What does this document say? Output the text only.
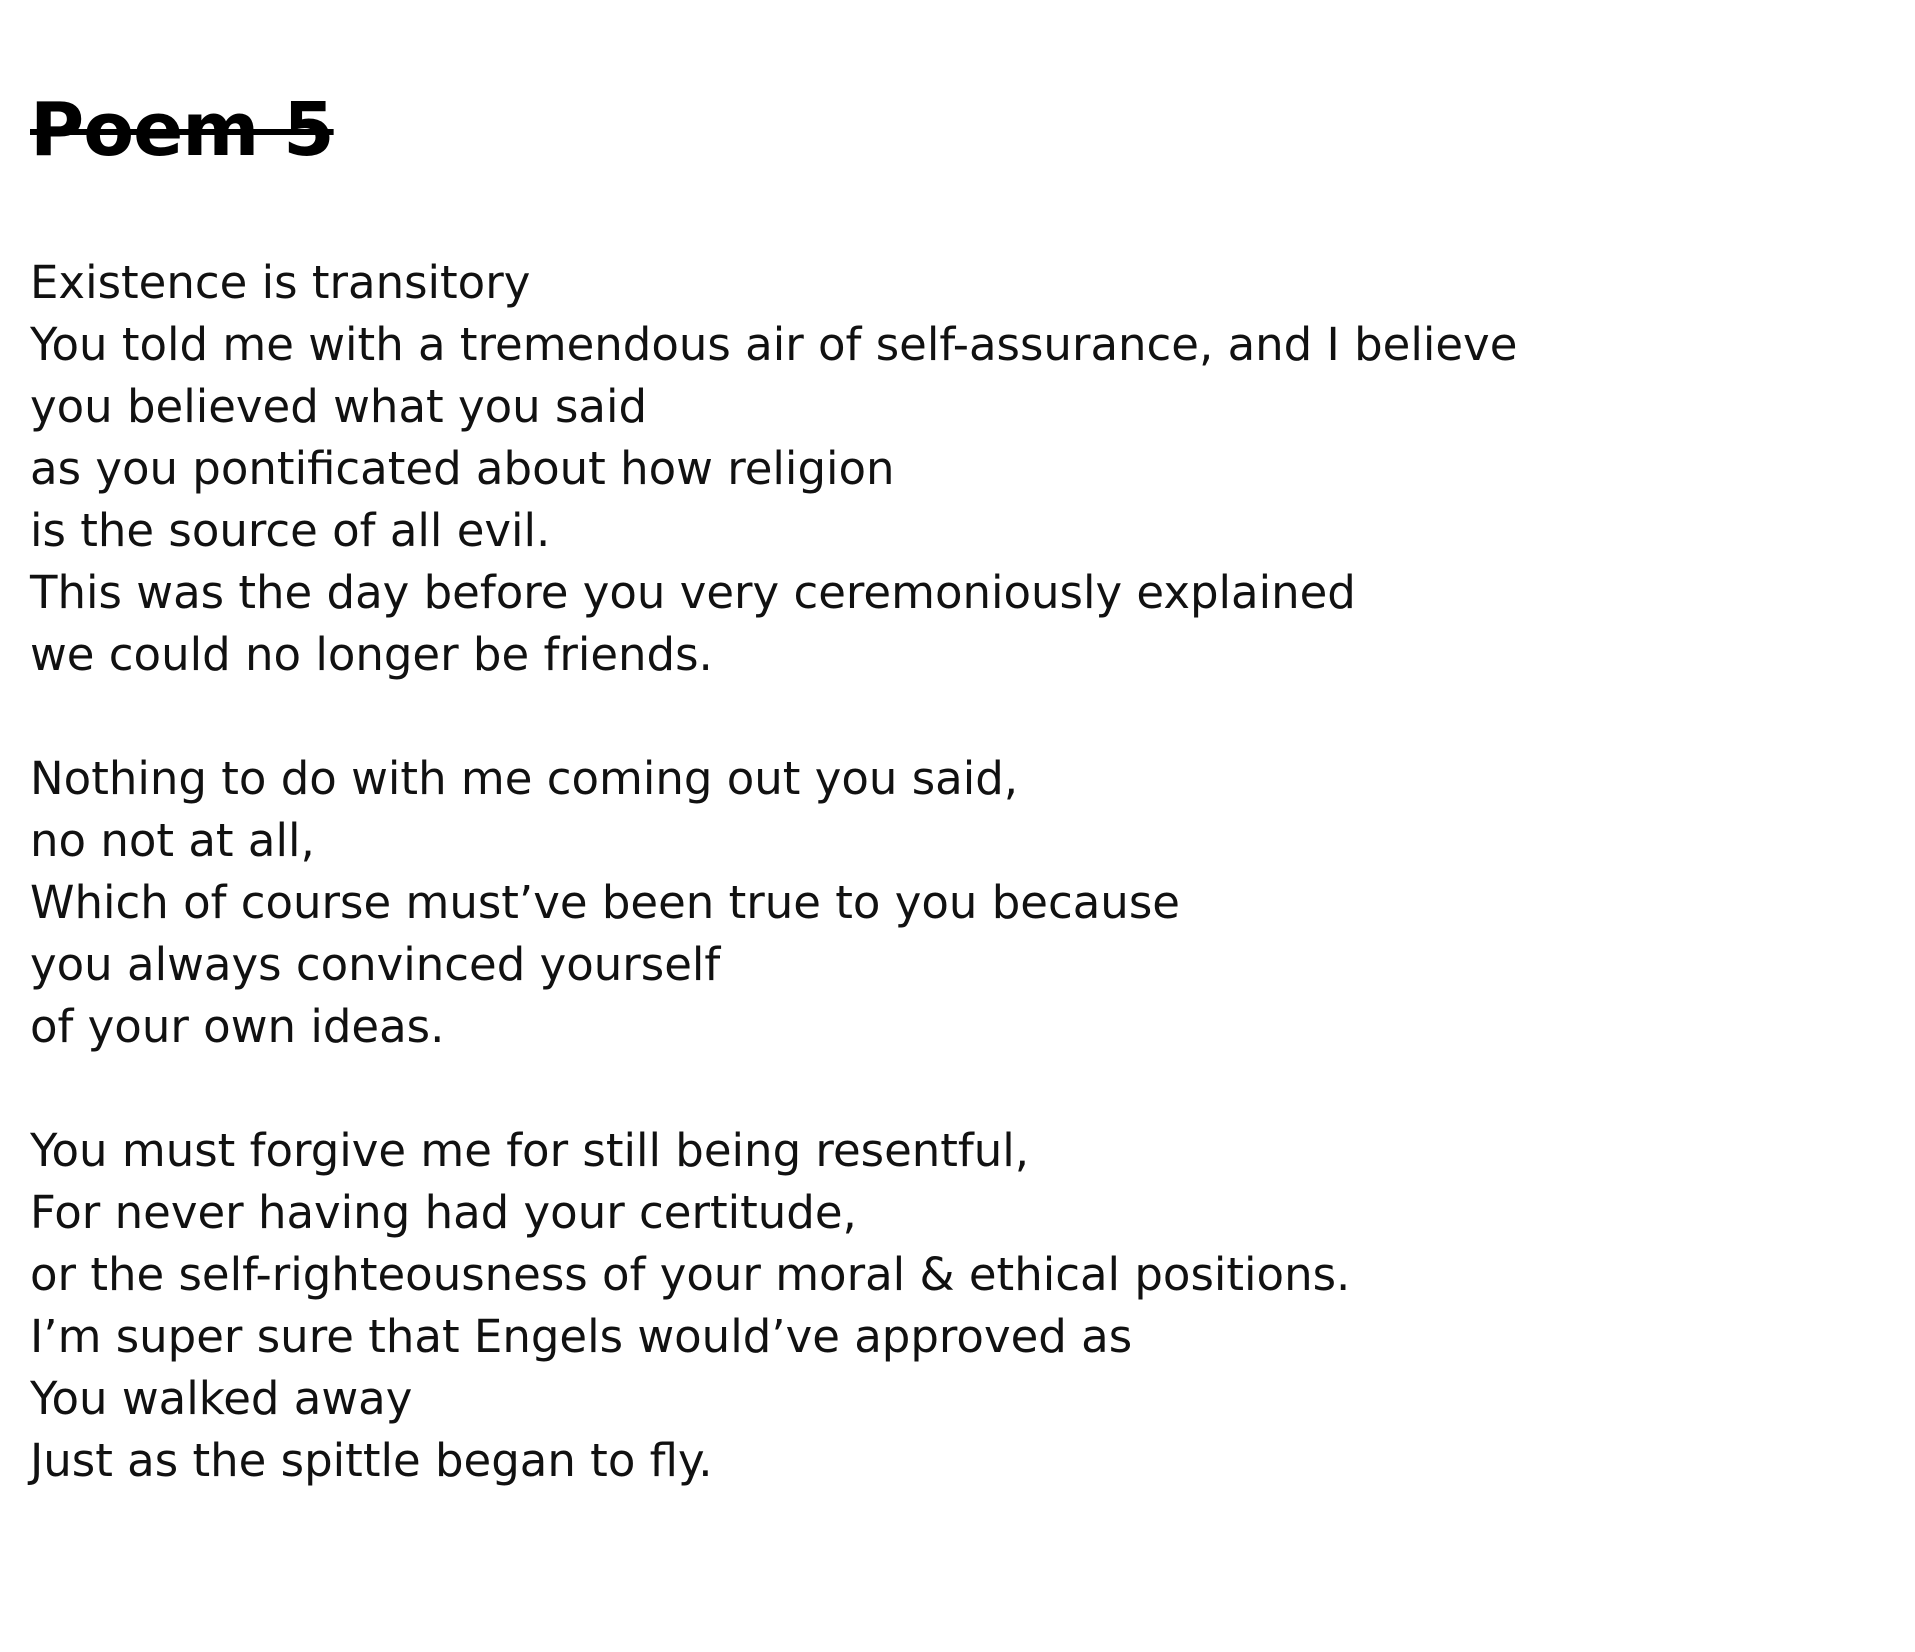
Poem 5
Existence is transitory
You told me with a tremendous air of self-assurance, and I believe
you believed what you said
as you pontificated about how religion
is the source of all evil.
This was the day before you very ceremoniously explained
we could no longer be friends.
Nothing to do with me coming out you said,
no not at all,
Which of course must’ve been true to you because
you always convinced yourself
of your own ideas.
You must forgive me for still being resentful,
For never having had your certitude,
or the self-righteousness of your moral & ethical positions.
I’m super sure that Engels would’ve approved as
You walked away
Just as the spittle began to fly.
